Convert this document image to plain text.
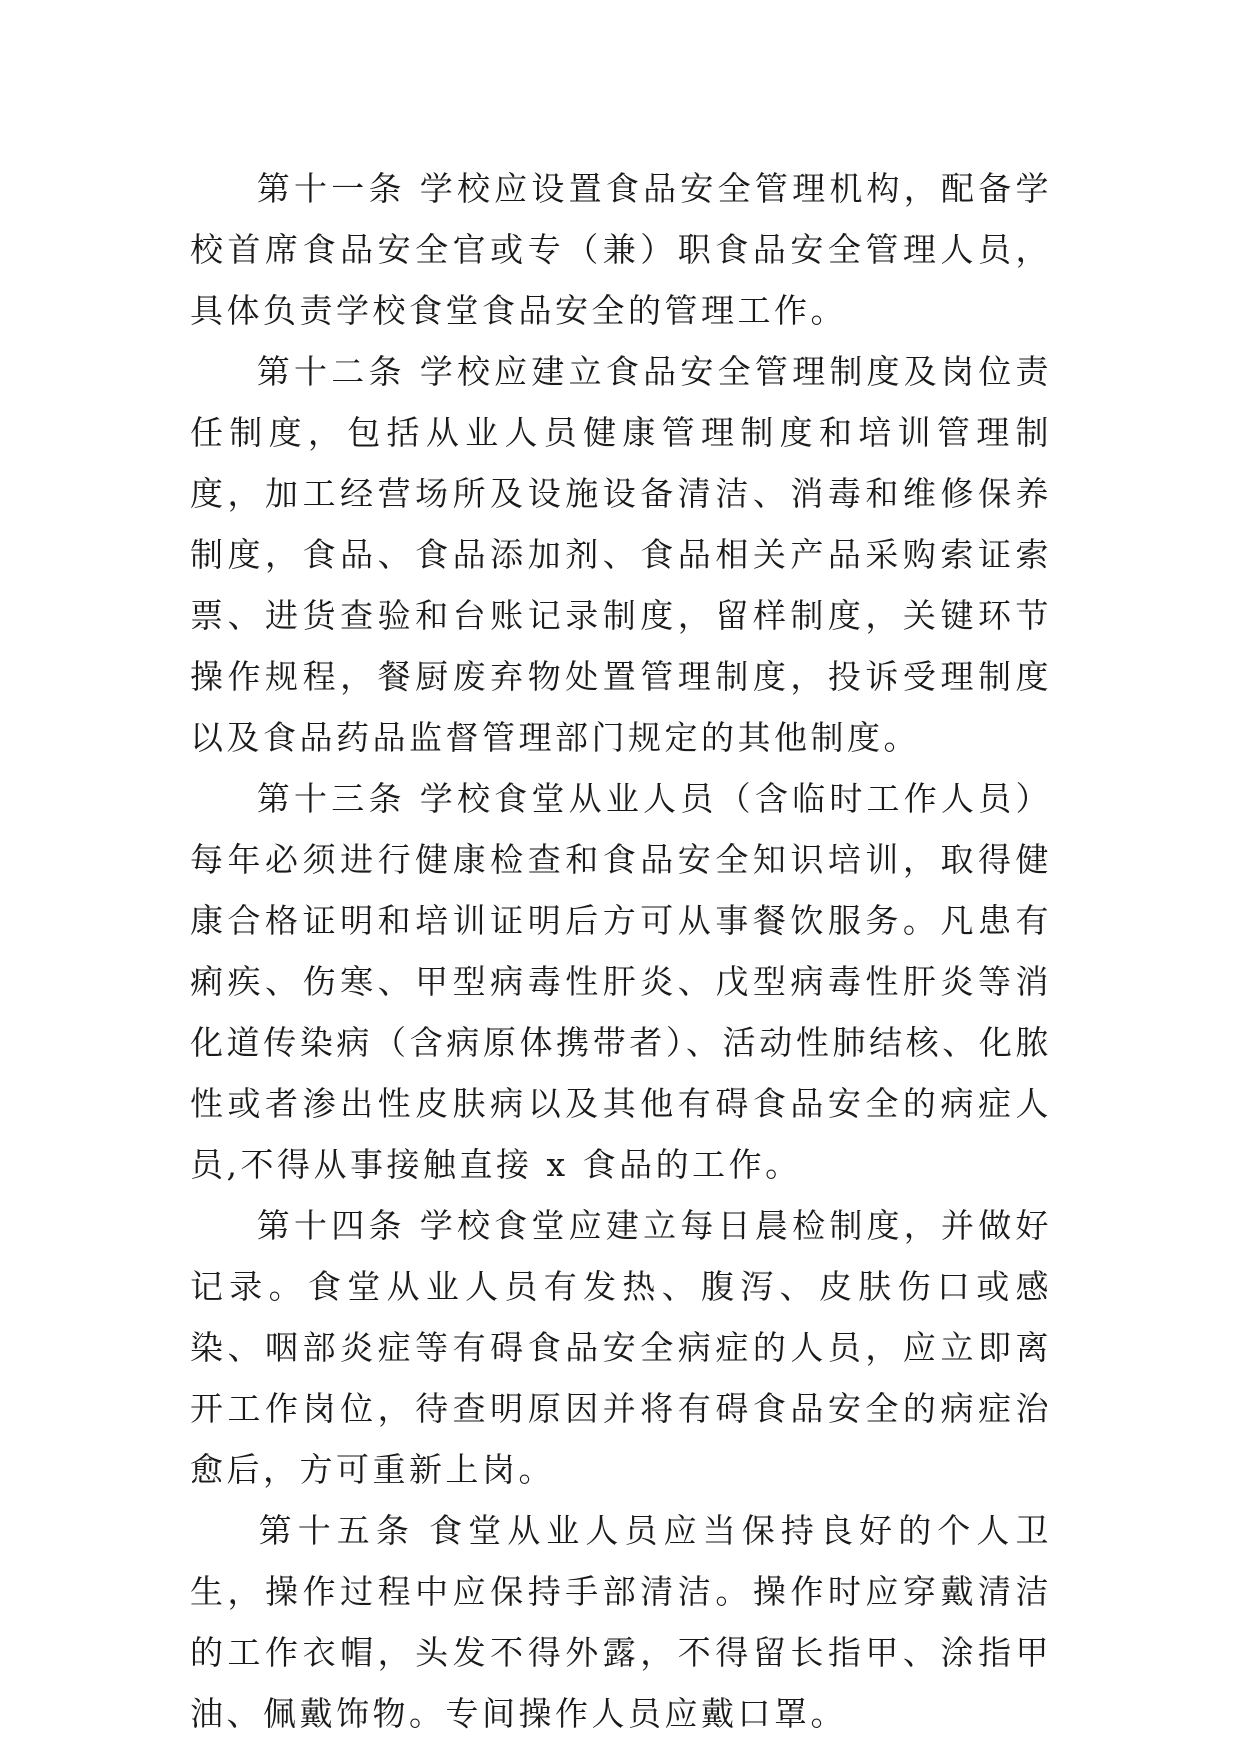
第十一条 学校应设置食品安全管理机构，配备学校首席食品安全官或专（兼）职食品安全管理人员，具体负责学校食堂食品安全的管理工作。

第十二条 学校应建立食品安全管理制度及岗位责任制度，包括从业人员健康管理制度和培训管理制度，加工经营场所及设施设备清洁、消毒和维修保养制度，食品、食品添加剂、食品相关产品采购索证索票、进货查验和台账记录制度，留样制度，关键环节操作规程，餐厨废弃物处置管理制度，投诉受理制度以及食品药品监督管理部门规定的其他制度。

第十三条 学校食堂从业人员（含临时工作人员）每年必须进行健康检查和食品安全知识培训，取得健康合格证明和培训证明后方可从事餐饮服务。凡患有痢疾、伤寒、甲型病毒性肝炎、戊型病毒性肝炎等消化道传染病（含病原体携带者）、活动性肺结核、化脓性或者渗出性皮肤病以及其他有碍食品安全的病症人员,不得从事接触直接 x 食品的工作。

第十四条 学校食堂应建立每日晨检制度，并做好记录。食堂从业人员有发热、腹泻、皮肤伤口或感染、咽部炎症等有碍食品安全病症的人员，应立即离开工作岗位，待查明原因并将有碍食品安全的病症治愈后，方可重新上岗。

第十五条 食堂从业人员应当保持良好的个人卫生，操作过程中应保持手部清洁。操作时应穿戴清洁的工作衣帽，头发不得外露，不得留长指甲、涂指甲油、佩戴饰物。专间操作人员应戴口罩。
